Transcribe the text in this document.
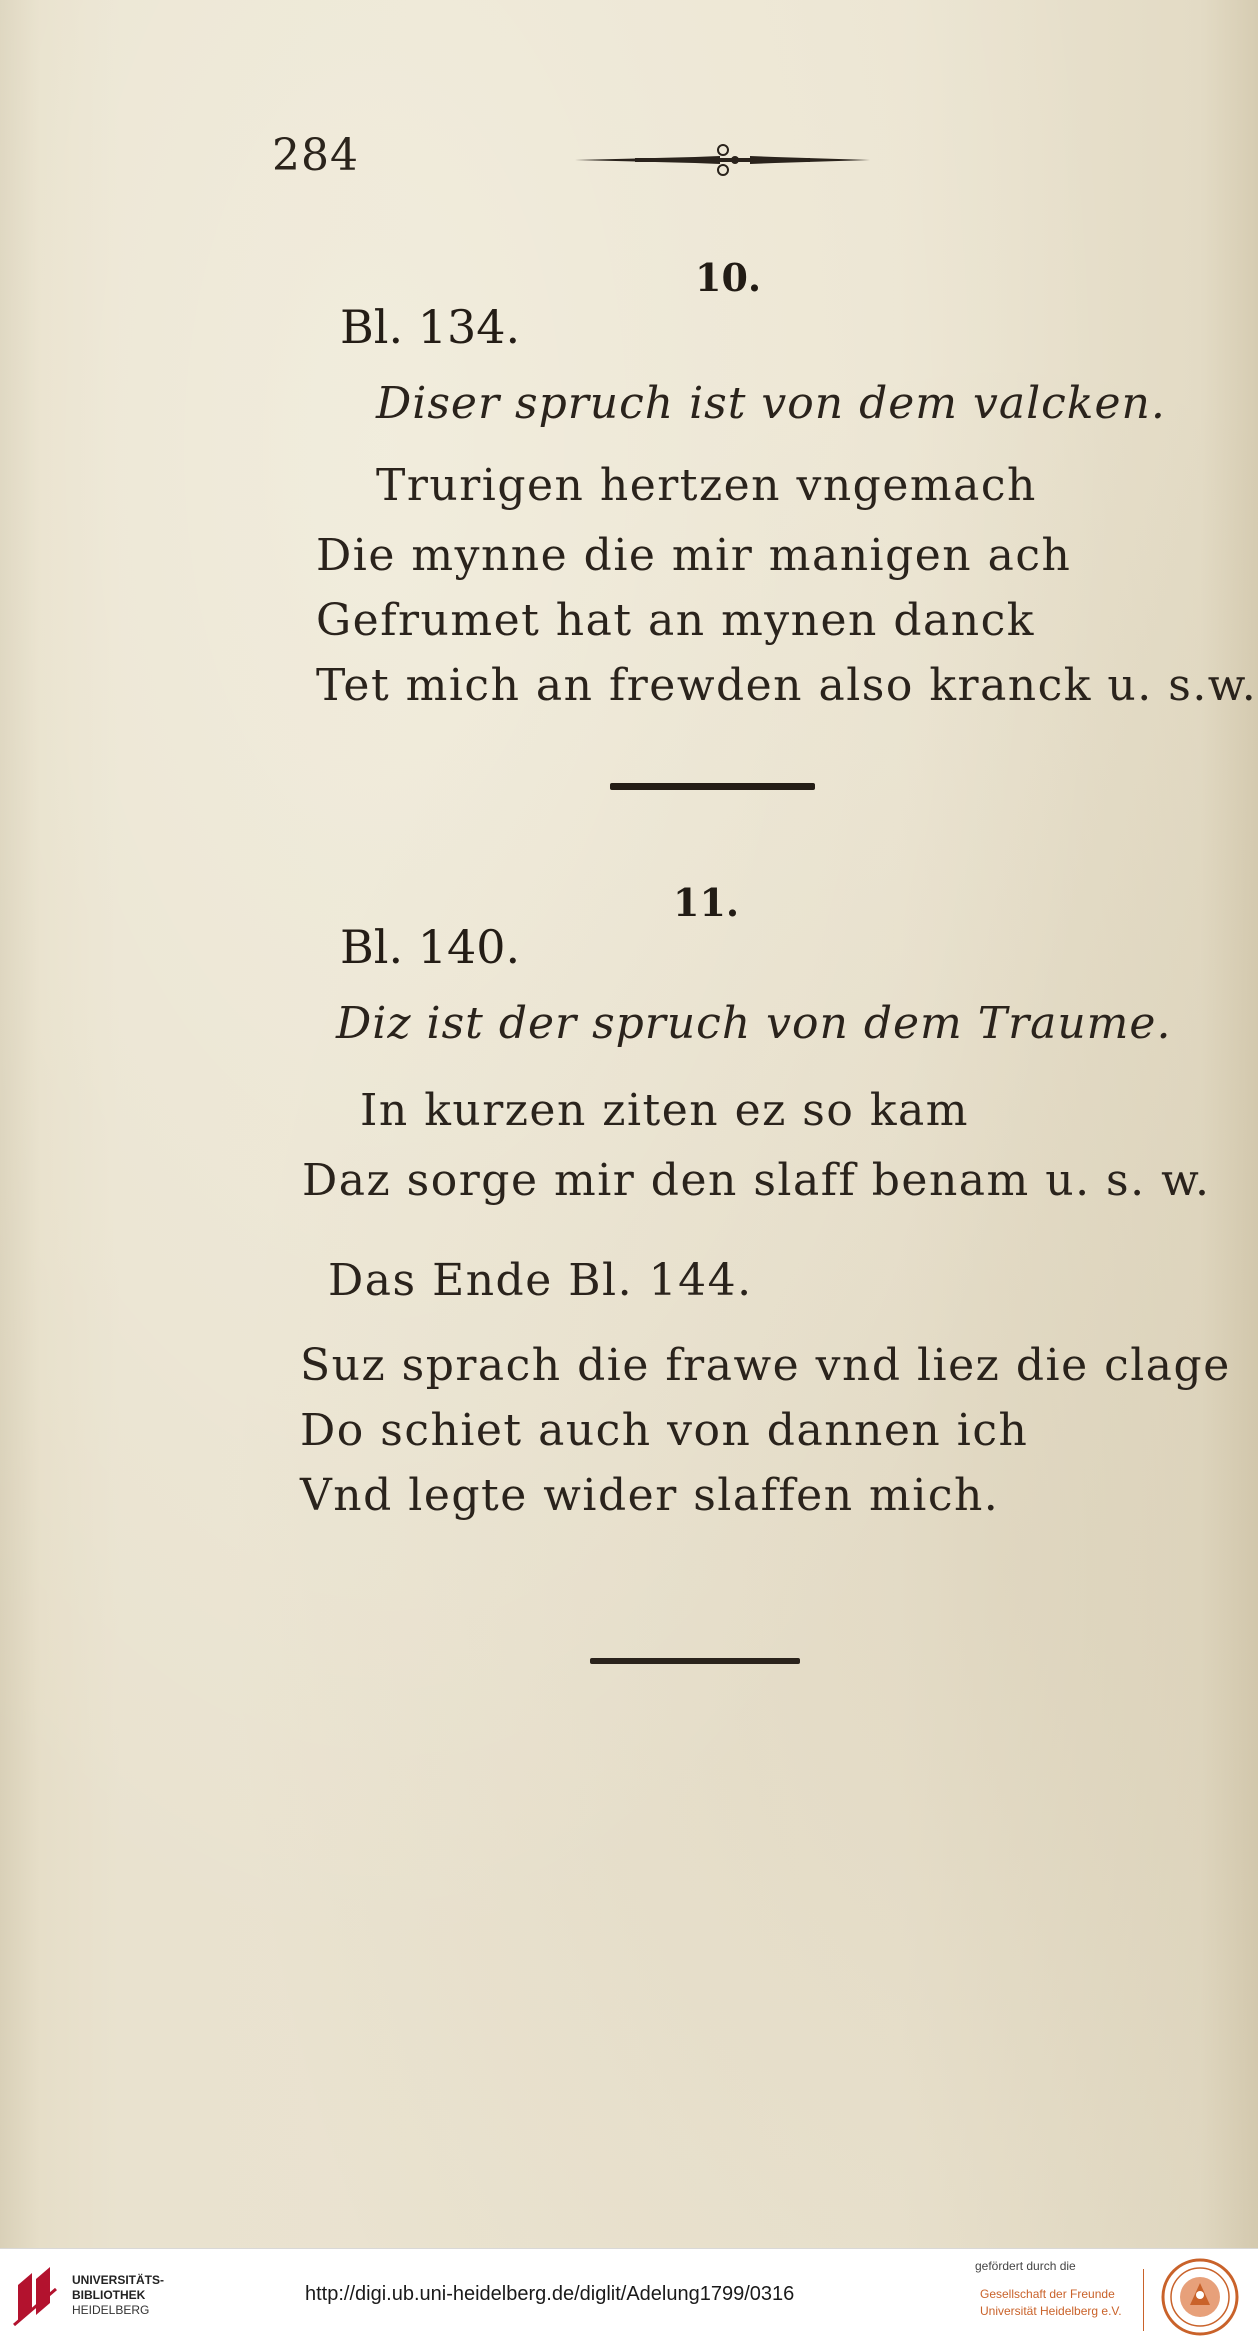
284
10.
Bl. 134.
Diser spruch ist von dem valcken.
Trurigen hertzen vngemach
Die mynne die mir manigen ach
Gefrumet hat an mynen danck
Tet mich an frewden also kranck u. s.w.
11.
Bl. 140.
Diz ist der spruch von dem Traume.
In kurzen ziten ez so kam
Daz sorge mir den slaff benam u. s. w.
Das Ende Bl. 144.
Suz sprach die frawe vnd liez die clage
Do schiet auch von dannen ich
Vnd legte wider slaffen mich.
UNIVERSITÄTS-
BIBLIOTHEK
HEIDELBERG
http://digi.ub.uni-heidelberg.de/diglit/Adelung1799/0316
gefördert durch die
Gesellschaft der Freunde
Universität Heidelberg e.V.
